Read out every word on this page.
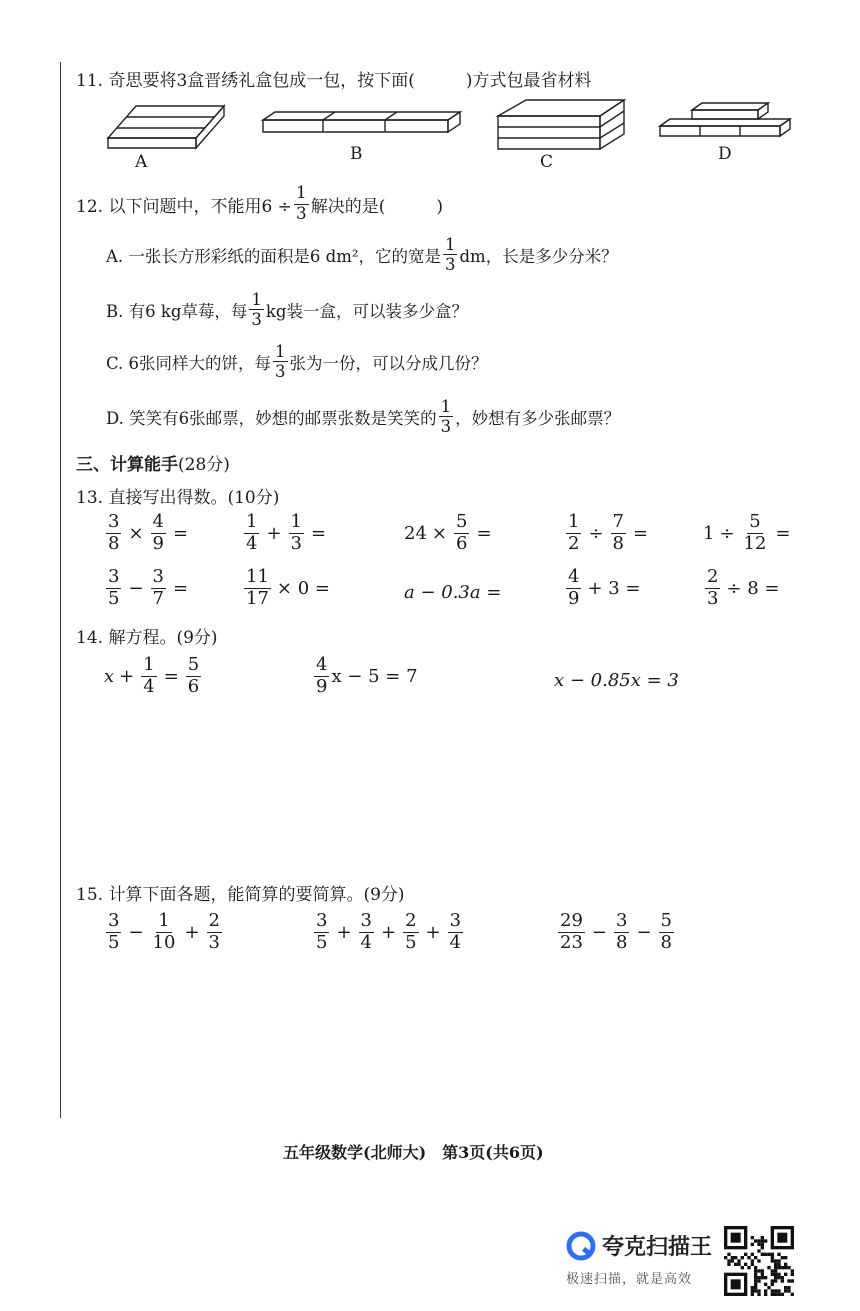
11. 奇思要将3盒晋绣礼盒包成一包，按下面(　　　)方式包最省材料
A	B	C	D
12. 以下问题中，不能用$6 \div \frac{1}{3}$ 解决的是(　　　)
A. 一张长方形彩纸的面积是6 dm²，它的宽是 $\frac{1}{3}$ dm，长是多少分米？
B. 有6 kg草莓，每 $\frac{1}{3}$ kg装一盒，可以装多少盒？
C. 6张同样大的饼，每 $\frac{1}{3}$ 张为一份，可以分成几份？
D. 笑笑有6张邮票，妙想的邮票张数是笑笑的 $\frac{1}{3}$ ，妙想有多少张邮票？
三、计算能手(28分)
13. 直接写出得数。(10分)
$\frac{3}{8} \times \frac{4}{9}$ =	$\frac{1}{4} + \frac{1}{3}$ =	$24 \times \frac{5}{6}$ =	$\frac{1}{2} \div \frac{7}{8}$ =	$1 \div \frac{5}{12}$ =
$\frac{3}{5} - \frac{3}{7}$ =	$\frac{11}{17} \times 0$ =	a − 0.3a =	$\frac{4}{9} + 3$ =	$\frac{2}{3} \div 8$ =
14. 解方程。(9分)
$x + \frac{1}{4} = \frac{5}{6}$	$\frac{4}{9}$ x − 5 = 7	x − 0.85x = 3
15. 计算下面各题，能简算的要简算。(9分)
$\frac{3}{5} - \frac{1}{10} + \frac{2}{3}$	$\frac{3}{5} + \frac{3}{4} + \frac{2}{5} + \frac{3}{4}$	$\frac{29}{23} - \frac{3}{8} - \frac{5}{8}$
五年级数学(北师大)　第3页(共6页)
夸克扫描王
极速扫描，就是高效
